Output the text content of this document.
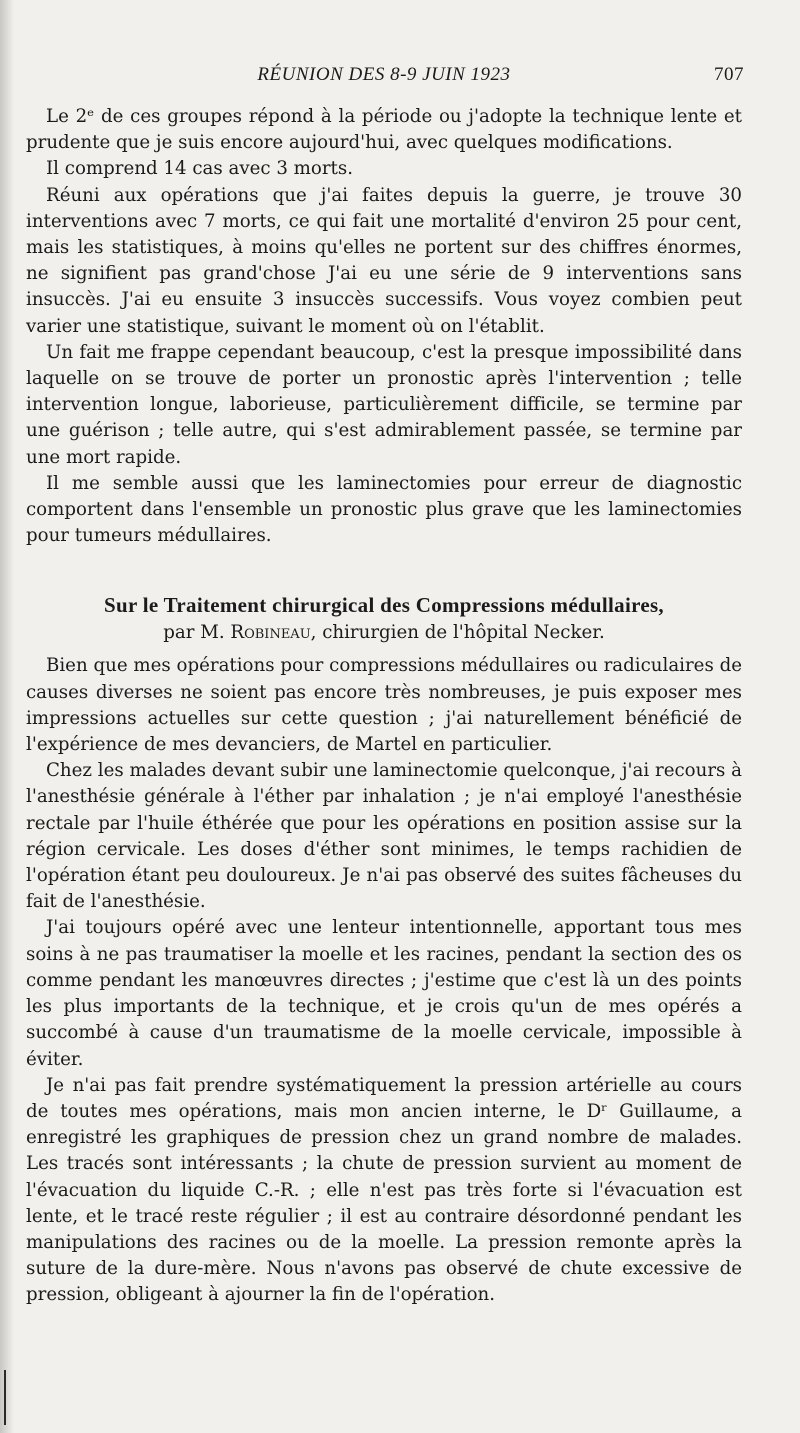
RÉUNION DES 8-9 JUIN 1923	707

Le 2ᵉ de ces groupes répond à la période ou j'adopte la technique lente et prudente que je suis encore aujourd'hui, avec quelques modifications.

Il comprend 14 cas avec 3 morts.

Réuni aux opérations que j'ai faites depuis la guerre, je trouve 30 interventions avec 7 morts, ce qui fait une mortalité d'environ 25 pour cent, mais les statistiques, à moins qu'elles ne portent sur des chiffres énormes, ne signifient pas grand'chose J'ai eu une série de 9 interventions sans insuccès. J'ai eu ensuite 3 insuccès successifs. Vous voyez combien peut varier une statistique, suivant le moment où on l'établit.

Un fait me frappe cependant beaucoup, c'est la presque impossibilité dans laquelle on se trouve de porter un pronostic après l'intervention ; telle intervention longue, laborieuse, particulièrement difficile, se termine par une guérison ; telle autre, qui s'est admirablement passée, se termine par une mort rapide.

Il me semble aussi que les laminectomies pour erreur de diagnostic comportent dans l'ensemble un pronostic plus grave que les laminectomies pour tumeurs médullaires.

Sur le Traitement chirurgical des Compressions médullaires,
par M. Robineau, chirurgien de l'hôpital Necker.

Bien que mes opérations pour compressions médullaires ou radiculaires de causes diverses ne soient pas encore très nombreuses, je puis exposer mes impressions actuelles sur cette question ; j'ai naturellement bénéficié de l'expérience de mes devanciers, de Martel en particulier.

Chez les malades devant subir une laminectomie quelconque, j'ai recours à l'anesthésie générale à l'éther par inhalation ; je n'ai employé l'anesthésie rectale par l'huile éthérée que pour les opérations en position assise sur la région cervicale. Les doses d'éther sont minimes, le temps rachidien de l'opération étant peu douloureux. Je n'ai pas observé des suites fâcheuses du fait de l'anesthésie.

J'ai toujours opéré avec une lenteur intentionnelle, apportant tous mes soins à ne pas traumatiser la moelle et les racines, pendant la section des os comme pendant les manœuvres directes ; j'estime que c'est là un des points les plus importants de la technique, et je crois qu'un de mes opérés a succombé à cause d'un traumatisme de la moelle cervicale, impossible à éviter.

Je n'ai pas fait prendre systématiquement la pression artérielle au cours de toutes mes opérations, mais mon ancien interne, le Dʳ Guillaume, a enregistré les graphiques de pression chez un grand nombre de malades. Les tracés sont intéressants ; la chute de pression survient au moment de l'évacuation du liquide C.-R. ; elle n'est pas très forte si l'évacuation est lente, et le tracé reste régulier ; il est au contraire désordonné pendant les manipulations des racines ou de la moelle. La pression remonte après la suture de la dure-mère. Nous n'avons pas observé de chute excessive de pression, obligeant à ajourner la fin de l'opération.
